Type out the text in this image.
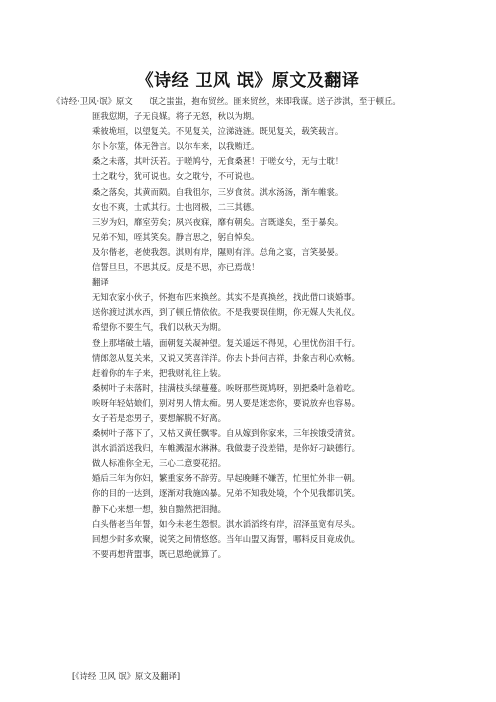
《诗经 卫风 氓》原文及翻译

《诗经·卫风·氓》原文　　氓之蚩蚩，抱布贸丝。匪来贸丝，来即我谋。送子涉淇，至于顿丘。

匪我愆期，子无良媒。将子无怒，秋以为期。

乘彼垝垣，以望复关。不见复关，泣涕涟涟。既见复关，载笑载言。

尔卜尔筮，体无咎言。以尔车来，以我贿迁。

桑之未落，其叶沃若。于嗟鸠兮，无食桑葚！于嗟女兮，无与士耽！

士之耽兮，犹可说也。女之耽兮，不可说也。

桑之落矣，其黄而陨。自我徂尔，三岁食贫。淇水汤汤，渐车帷裳。

女也不爽，士贰其行。士也罔极，二三其德。

三岁为妇，靡室劳矣；夙兴夜寐，靡有朝矣。言既遂矣，至于暴矣。

兄弟不知，咥其笑矣。静言思之，躬自悼矣。

及尔偕老，老使我怨。淇则有岸，隰则有泮。总角之宴，言笑晏晏。

信誓旦旦，不思其反。反是不思，亦已焉哉！

翻译

无知农家小伙子，怀抱布匹来换丝。其实不是真换丝，找此借口谈婚事。

送你渡过淇水西，到了顿丘情依依。不是我要误佳期，你无媒人失礼仪。

希望你不要生气，我们以秋天为期。

登上那堵破土墙，面朝复关凝神望。复关遥远不得见，心里忧伤泪千行。

情郎忽从复关来，又说又笑喜洋洋。你去卜卦问吉祥，卦象吉利心欢畅。

赶着你的车子来，把我财礼往上装。

桑树叶子未落时，挂满枝头绿蔓蔓。唉呀那些斑鸠呀，别把桑叶急着吃。

唉呀年轻姑娘们，别对男人情太痴。男人要是迷恋你，要说放弃也容易。

女子若是恋男子，要想解脱不好离。

桑树叶子落下了，又枯又黄任飘零。自从嫁到你家来，三年挨饿受清贫。

淇水滔滔送我归，车帷溅湿水淋淋。我做妻子没差错，是你好刁缺德行。

做人标准你全无，三心二意耍花招。

婚后三年为你妇，繁重家务不辞劳。早起晚睡不嫌苦，忙里忙外非一朝。

你的目的一达到，逐渐对我施凶暴。兄弟不知我处境，个个见我都讥笑。

静下心来想一想，独自黯然把泪抛。

白头偕老当年誓，如今未老生怨恨。淇水滔滔终有岸，沼泽虽宽有尽头。

回想少时多欢聚，说笑之间情悠悠。当年山盟又海誓，哪料反目竟成仇。

不要再想背盟事，既已恩绝就算了。

[《诗经 卫风 氓》原文及翻译]
